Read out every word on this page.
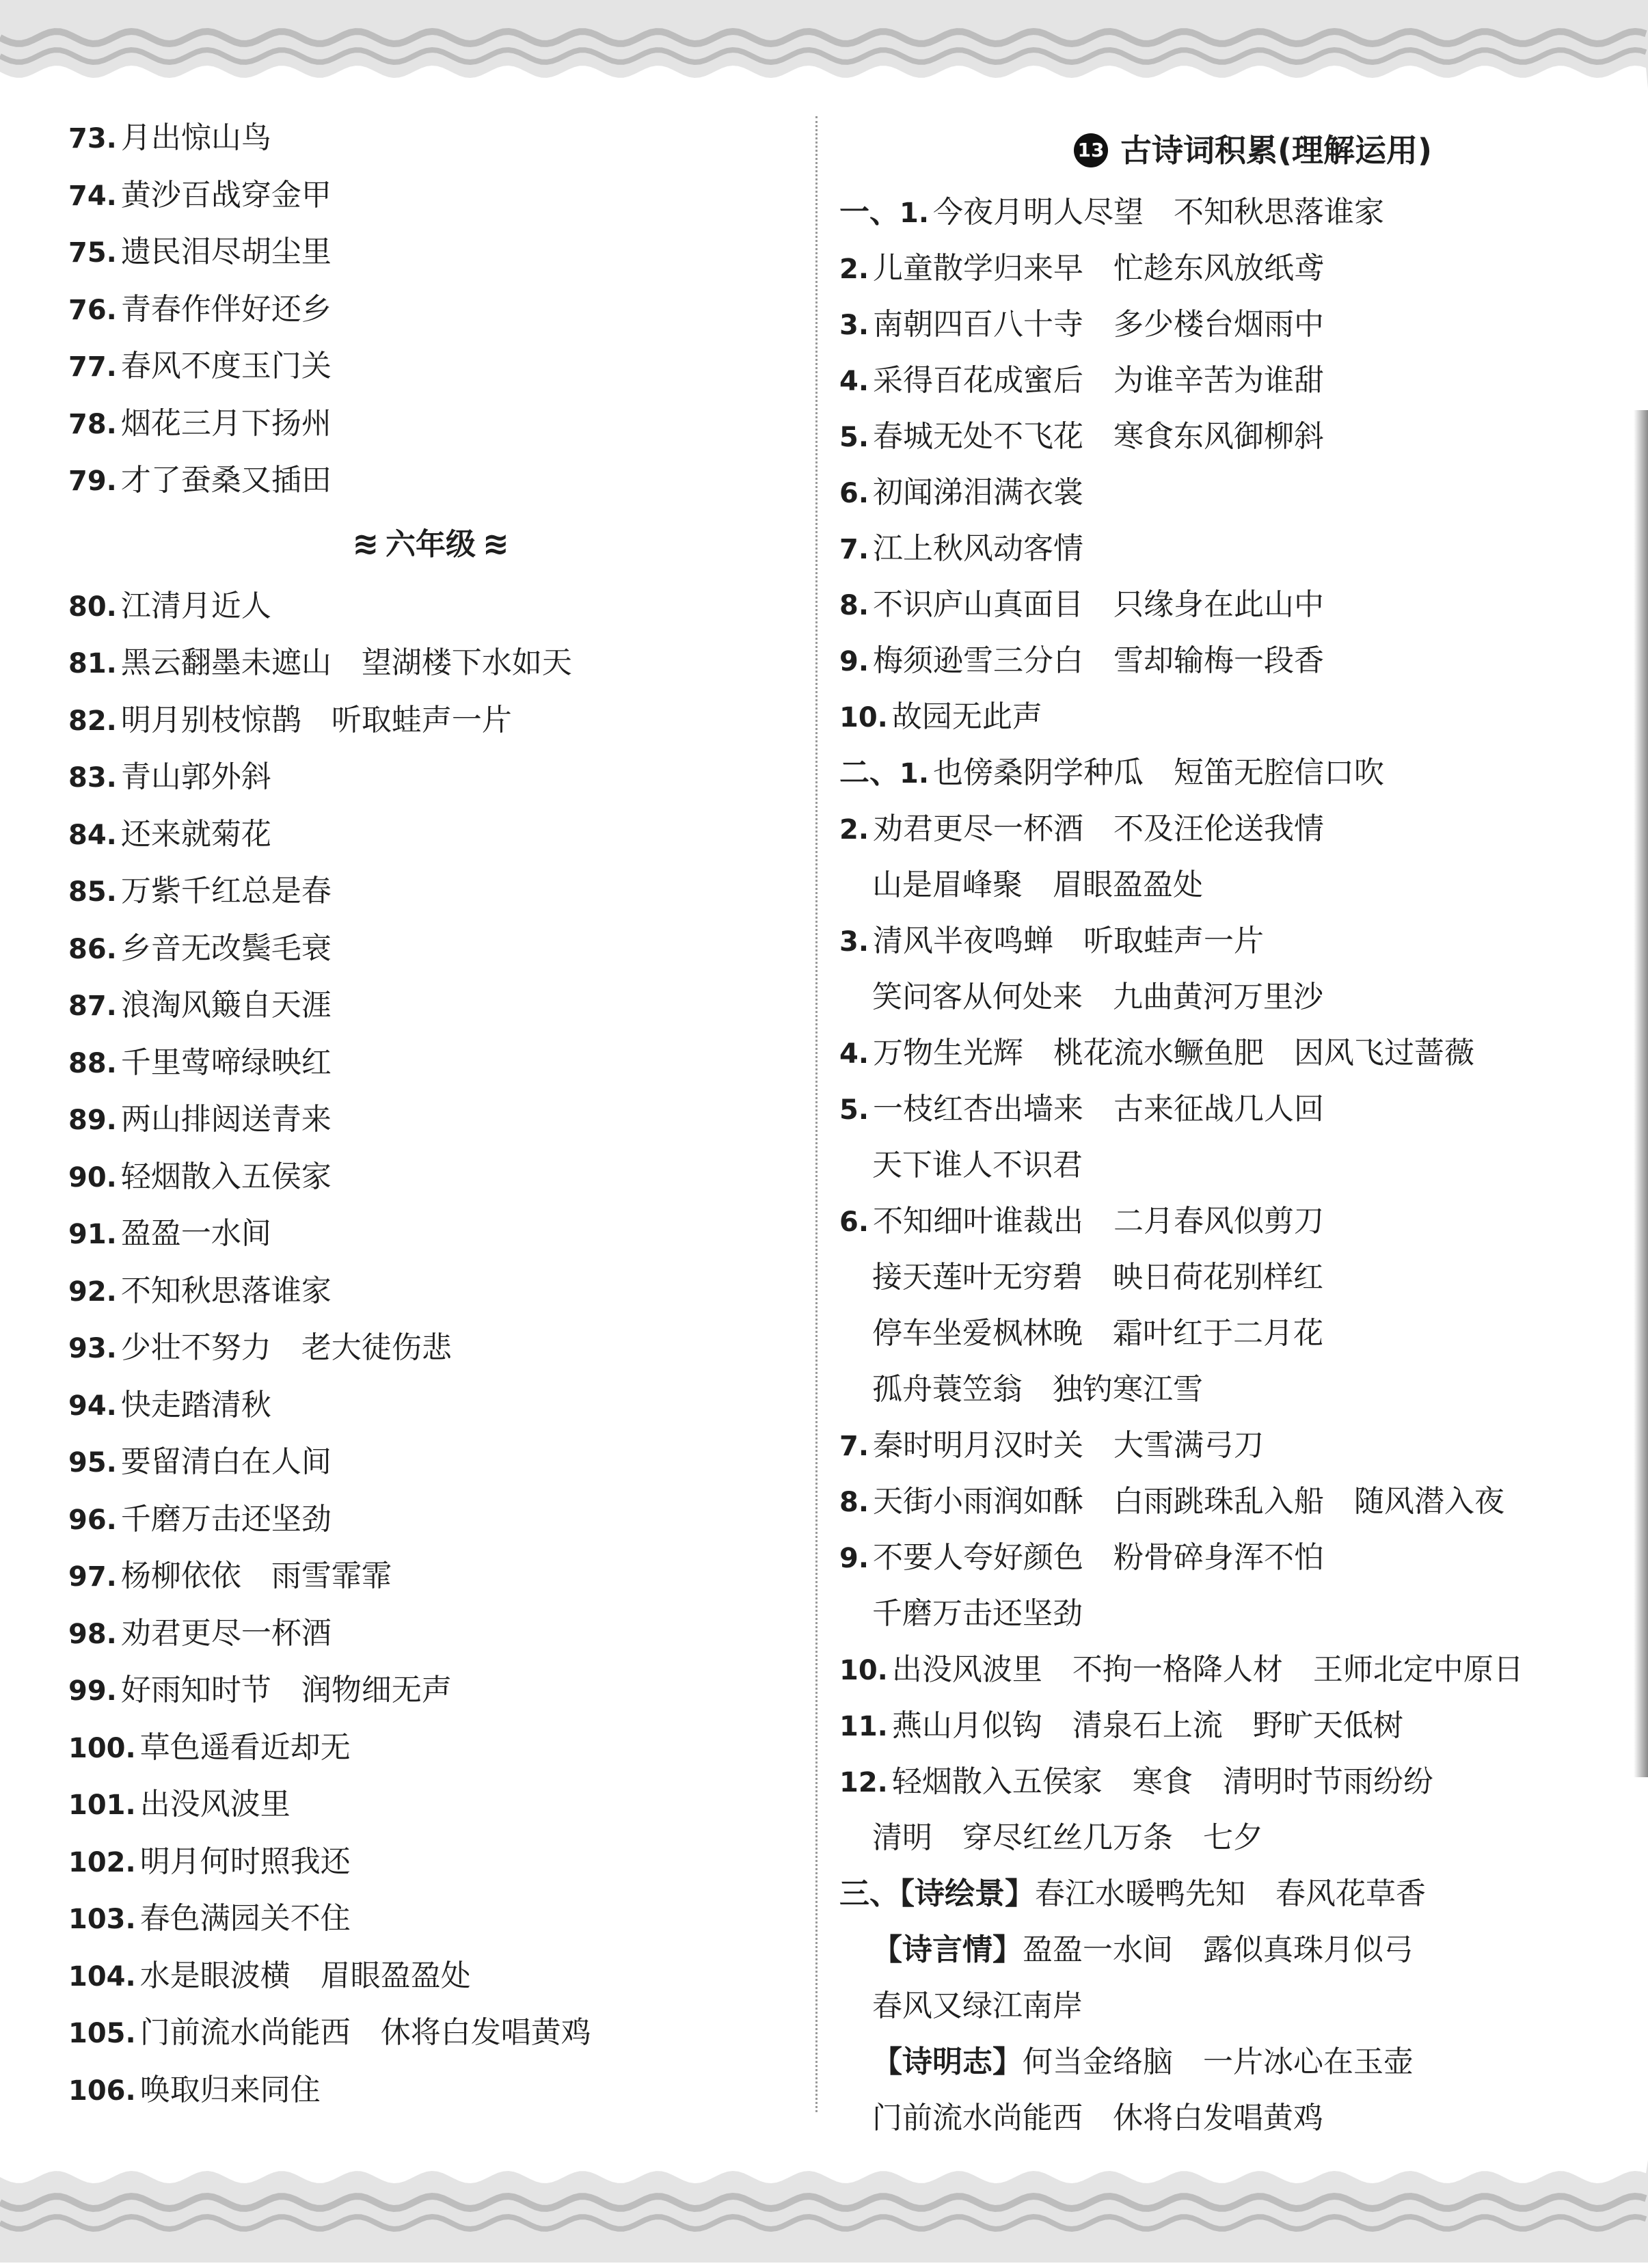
73. 月出惊山鸟
74. 黄沙百战穿金甲
75. 遗民泪尽胡尘里
76. 青春作伴好还乡
77. 春风不度玉门关
78. 烟花三月下扬州
79. 才了蚕桑又插田
≋ 六年级 ≋
80. 江清月近人
81. 黑云翻墨未遮山 望湖楼下水如天
82. 明月别枝惊鹊 听取蛙声一片
83. 青山郭外斜
84. 还来就菊花
85. 万紫千红总是春
86. 乡音无改鬓毛衰
87. 浪淘风簸自天涯
88. 千里莺啼绿映红
89. 两山排闼送青来
90. 轻烟散入五侯家
91. 盈盈一水间
92. 不知秋思落谁家
93. 少壮不努力 老大徒伤悲
94. 快走踏清秋
95. 要留清白在人间
96. 千磨万击还坚劲
97. 杨柳依依 雨雪霏霏
98. 劝君更尽一杯酒
99. 好雨知时节 润物细无声
100. 草色遥看近却无
101. 出没风波里
102. 明月何时照我还
103. 春色满园关不住
104. 水是眼波横 眉眼盈盈处
105. 门前流水尚能西 休将白发唱黄鸡
106. 唤取归来同住
13 古诗词积累(理解运用)
一、1. 今夜月明人尽望 不知秋思落谁家
2. 儿童散学归来早 忙趁东风放纸鸢
3. 南朝四百八十寺 多少楼台烟雨中
4. 采得百花成蜜后 为谁辛苦为谁甜
5. 春城无处不飞花 寒食东风御柳斜
6. 初闻涕泪满衣裳
7. 江上秋风动客情
8. 不识庐山真面目 只缘身在此山中
9. 梅须逊雪三分白 雪却输梅一段香
10. 故园无此声
二、1. 也傍桑阴学种瓜 短笛无腔信口吹
2. 劝君更尽一杯酒 不及汪伦送我情
山是眉峰聚 眉眼盈盈处
3. 清风半夜鸣蝉 听取蛙声一片
笑问客从何处来 九曲黄河万里沙
4. 万物生光辉 桃花流水鳜鱼肥 因风飞过蔷薇
5. 一枝红杏出墙来 古来征战几人回
天下谁人不识君
6. 不知细叶谁裁出 二月春风似剪刀
接天莲叶无穷碧 映日荷花别样红
停车坐爱枫林晚 霜叶红于二月花
孤舟蓑笠翁 独钓寒江雪
7. 秦时明月汉时关 大雪满弓刀
8. 天街小雨润如酥 白雨跳珠乱入船 随风潜入夜
9. 不要人夸好颜色 粉骨碎身浑不怕
千磨万击还坚劲
10. 出没风波里 不拘一格降人材 王师北定中原日
11. 燕山月似钩 清泉石上流 野旷天低树
12. 轻烟散入五侯家 寒食 清明时节雨纷纷
清明 穿尽红丝几万条 七夕
三、【诗绘景】春江水暖鸭先知 春风花草香
【诗言情】盈盈一水间 露似真珠月似弓
春风又绿江南岸
【诗明志】何当金络脑 一片冰心在玉壶
门前流水尚能西 休将白发唱黄鸡
